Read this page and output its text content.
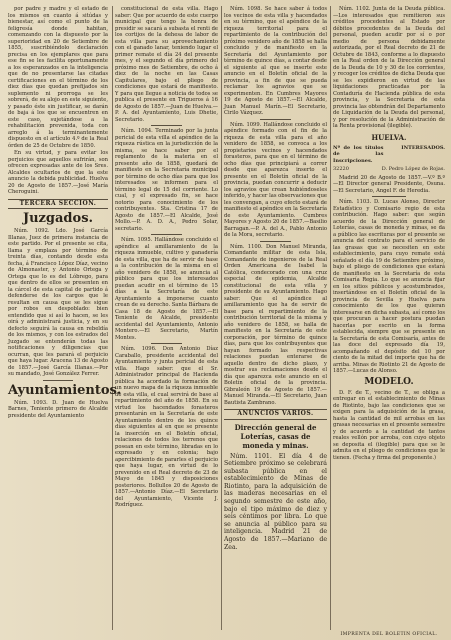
por padre y madre y el estado de los mismos en cuanto á sitúdas y bienestar, así como el punto de la feligresía donde habitan, comenzando con la dispuesto por la superioridad en 20 de Setiembre de 1855, suscribiéndolo declaración precisa en los ejemplares que para ese fin se les facilita oportunamente a los esperanzados en la inteligencia que de no presentarse las citadas certificaciones en el término de los diez días que quedan prefijados sin suplemento ni prorroga se les sobrerá, de su alojo en este siguiente, y pasado éste sin justificar, se darán de baja á los que se encuentren en este caso, sujetándose a la rehabilitación prevenida, toda con arreglo á la terminantemente dispuesto en el artículo 4.º de la Real órden de 25 de Octubre de 1850.

En su virtud, y para evitar los perjuicios que aquellos sufrirán, son ofrecen expresadas ante de los Sres. Alcaldes ocultarlos de que la este anuncio la debida publicidad. Huelva 20 de Agosto de 1857.—José María Cheroguini.

TERCERA SECCION.
Juzgados.

Núm. 1092. Ldo. José García Illanas, Juez de primera instancia de este partido. Por el presente se cita, llama y emplaza por término de treinta días, contando desde esta fecha, á Francisco López Díaz, vecino de Almonaster, y Antonio Ortega y Ortega que lo es del Lóbrego, para que dentro de ellos se presenten en la cárcel de esta capital de partido á defenderse de los cargos que le resultan en causa que se les sigue por robos en despoblado: bien entendido que si así lo hacen, se les oirá y administrará justicia, y en su defecto seguirá la causa en rebeldía de los mismos, y con los estrados del Juzgado se entenderán todas las notificaciones y diligencias que ocurran, que les parará el perjuicio que haya lugar. Aracena 13 de Agosto de 1857.—José García Illanas.—Por su mandado, José González Ferrer.

Ayuntamientos.

Núm. 1093. D. Juan de Huelva Barnes, Teniente primero de Alcalde presidente del Ayuntamiento

constitucional de esta villa. Hago saber: Que por acuerdo de este cuerpo municipal que tengo la honra de presidir se sacará a subasta el renti de los cortijos de la dehesa de labor de esta villa para su aprovechamiento con el ganado lanar, teniendo lugar el primer remate el día 24 del presente mes, y el segundo el día primero del próximo mes de Setiembre, de ocho á diez de la noche en las Casas Capitulares, bajo el pliego de condiciones que estará de manifiesto. Y para que llegue a noticia de todos se publica el presente en Trigueros á 16 de Agosto de 1857.—Juan de Huelva.—P. A. del Ayuntamiento, Luis Dhetie, Secretario.

Núm. 1094. Terminado por la junta pericial de esta villa el apéndice de la riqueza rústica en la jurisdicción de la misma, se hace saber por el reglamento de la materia en el presente año de 1858, quedará de manifiesto en la Secretaría municipal por término de ocho días para que los interesados se informen para el término legal de 15 del corriente. Lo cual, y el expresado fin, se hace notorio para conocimiento de los contribuyentes. Sta. Cristina 17 de Agosto de 1857.—El Alcalde, José Mollo.—P. A. D. A., Pedro Solar, secretario.

Núm. 1095. Hallándose concluido el apéndice al amillaramiento de la riqueza inmueble, cultivo y ganadería de esta villa, que ha de servir de base a la contribución de la misma en el año venidero de 1858, se anuncia al público para que los interesados puedan acudir en el término de 15 días a la Secretaría de este Ayuntamiento a imponerse cuanto crean de su derecho. Santa Bárbara de Casa 18 de Agosto de 1857.—El Teniente de Alcalde, presidente accidental del Ayuntamiento, Antonio Montero.—El Secretario, Martín Montes.

Núm. 1096. Don Antonio Díaz Caraballo, presidente accidental del Ayuntamiento y junta pericial de esta villa. Hago saber: que el Sr. Administrador principal de Hacienda pública ha acordado la formación de un nuevo mapa de la riqueza inmueble de esta villa, el cual servirá de base al repartimiento del año de 1858. En su virtud los hacendados forasteros presentarán en la Secretaría de este Ayuntamiento dentro de los quince días siguientes al en que se presente la inserción en el Boletín oficial, relaciones de todos los terrenos que posean en este término, libradas en lo expresado y en colonia; bajo apercibimiento de pararles el perjuicio que haya lugar, en virtud de lo prevenido en el Real decreto de 23 de Mayo de 1845 y disposiciones posteriores. Bollullos 20 de Agosto de 1857.—Antonio Díaz.—El Secretario del Ayuntamiento, Vicente J. Rodríguez.

Núm. 1098. Se hace saber á todos los vecinos de esta villa y hacendados en su término, que el apéndice de la riqueza territorial para el repartimiento de la contribución del próximo venidero año de 1858 se halla concluido y de manifiesto en la Secretaría del Ayuntamiento por término de quince días, a contar desde el siguiente al que se inserte este anuncio en el Boletín oficial de la provincia, a fin de que se pueda reclamar los agravios que se experimenten. En Cumbres Mayores 19 de Agosto de 1857.—El Alcalde, Juan Manuel Marín.—El Secretario, Cirilo Vázquez.

Núm. 1099. Hallándose concluido el apéndice formado con el fin de la riqueza de esta villa para el año venidero de 1858, se convoca a los propietarios vecinos y hacendados forasteros, para que en el término de ocho días que principiará a correr desde que aparezca inserto el presente en el Boletín oficial de la provincia, puedan concurrir a deducir los agravios que crean hubiéndoseles inferido, y hacer las observaciones que les convengan, a cuyo efecto estará de manifiesto el apéndice en la Secretaría de este Ayuntamiento. Cumbres Mayores y Agosto 20 de 1857.—Basilio Barragan.—P. A. del A., Pablo Antonio de la Mora, secretario.

Núm. 1100. Don Manuel Miranda, Comandante militar de esta Isla, Comandante de ingenieros de la Real Orden Americana de Isabel la Católica, condecorado con una cruz especial de epidemia, Alcalde constitucional de esta villa y presidente de su Ayuntamiento. Hago saber: Que el apéndice al amillaramiento que ha de servir de base para el repartimiento de la contribución territorial de la misma y año venidero de 1858, se halla de manifiesto en la Secretaría de este corporación, por término de quince días, para que los contribuyentes que hayan formado las respectivas relaciones puedan enterarse de aquello dentro de dicho plazo, y mostrar sus reclamaciones desde el día que aparezca este anuncio en el Boletín oficial de la provincia. Gibraleón 19 de Agosto de 1857.—Manuel Miranda.—El Secretario, Juan Bautista Zambrano.

ANUNCIOS VARIOS.
Dirección general de Loterías, casas de moneda y minas.

Núm. 1101. El día 4 de Setiembre próximo se celebrará subasta pública en el establecimiento de Minas de Riotinto, para la adquisición de las maderas necesarias en el segundo semestre de este año, bajo el tipo máximo de diez y seis céntimos por libra. Lo que se anuncia al público para su inteligencia. Madrid 21 de Agosto de 1857.—Mariano de Zea.

Núm. 1102. Junta de la Deuda pública.—Los interesados que remitieron sus créditos procedentes al Estado por débitos procedentes de la Deuda del personal, pueden acudir por sí o por medio de persona debidamente autorizada, por el Real decreto de 21 de Octubre de 1843, conforme a lo dispuesto en la Real orden de la Dirección general de la Deuda de 10 y 30 de los corrientes, y recoger los créditos de dicha Deuda que se les expidieron en virtud de las liquidaciones practicadas por la Contaduría de Hacienda pública de esta provincia, y la Secretaría de esta provincia las obtendrán del Departamento de Liquidación de la Deuda del personal, y por resolución de la Administración de la Renta provisional (ilegible).

HUELVA.
Nº de los títulos de las Inscripciones.
INTERESADOS.
32220	D. Pedro López de Rojas.

Madrid 20 de Agosto de 1857.—V.º B.º—El Director general Presidente, Osuna.—El Secretario, Angel F. de Heredia.

Núm. 1103. D. Lucas Alonso, Director Estadístico y Comisario regio de esta contribución. Hago saber: que según acuerdo de la Dirección general de Loterías, casas de moneda y minas, se da a público las escrituras por el presente se anuncia del contrato para el servicio de las grasas que se necesiten en este establecimiento, para cuyo remate está señalado el día 19 de Setiembre próximo, bajo el pliego de condiciones que estará de manifiesto en la Secretaría de esta Comisaría Regia. Lo que se anuncia fijar en los sitios públicos y acostumbrados, insertándose en el Boletín oficial de la provincia de Sevilla y Huelva para conocimiento de los que quieran interesarse en dicha subasta, así como los que procuran a hacer postura puedan hacerlas por escrito en la forma establecida, siempre que se presente en la Secretaría de esta Comisaría, antes de las doce del expresado día 19, acompañando el depósito del 10 por ciento de la mitad del importe que ha de arriba. Minas de Riotinto 21 de Agosto de 1857.—Lucas de Alonso.

MODELO.

D. F. de T., vecino de T., se obliga a entregar en el establecimiento de Minas de Riotinto, bajo las condiciones que se exigen para la adquisición de la grasa, hasta la cantidad de mil arrobas en las grasas necesarias en el presente semestre y de acuerdo a la cantidad de tantos reales vellón por arroba, con cuyo objeto se deposita el (ilegible) para que se le admita en el pliego de condiciones que le tienen. (Fecha y firma del proponente.)

IMPRENTA DEL BOLETIN OFICIAL.
